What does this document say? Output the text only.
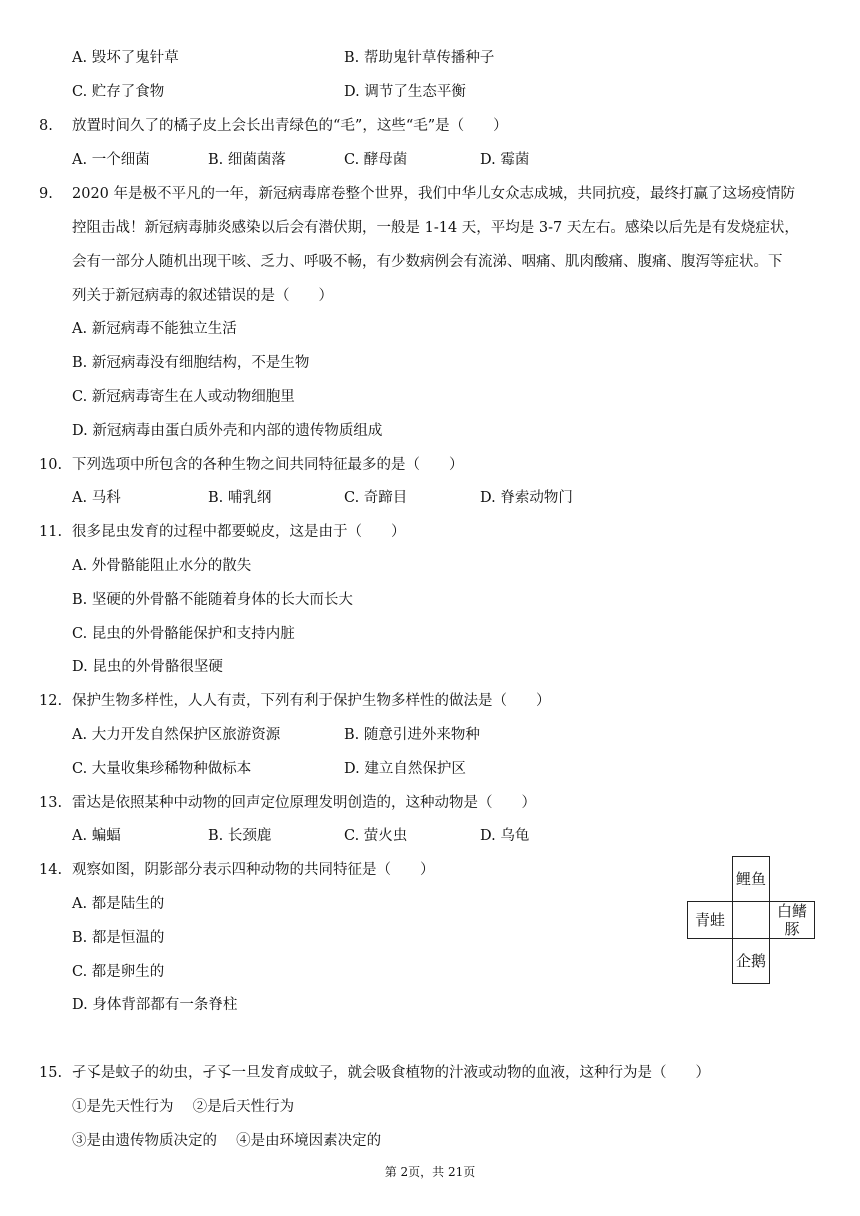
A. 毁坏了鬼针草	B. 帮助鬼针草传播种子
C. 贮存了食物	D. 调节了生态平衡
8. 放置时间久了的橘子皮上会长出青绿色的“毛”，这些“毛”是（　　）
A. 一个细菌	B. 细菌菌落	C. 酵母菌	D. 霉菌
9. 2020 年是极不平凡的一年，新冠病毒席卷整个世界，我们中华儿女众志成城，共同抗疫，最终打赢了这场疫情防
控阻击战！新冠病毒肺炎感染以后会有潜伏期，一般是 1-14 天，平均是 3-7 天左右。感染以后先是有发烧症状，
会有一部分人随机出现干咳、乏力、呼吸不畅，有少数病例会有流涕、咽痛、肌肉酸痛、腹痛、腹泻等症状。下
列关于新冠病毒的叙述错误的是（　　）
A. 新冠病毒不能独立生活
B. 新冠病毒没有细胞结构，不是生物
C. 新冠病毒寄生在人或动物细胞里
D. 新冠病毒由蛋白质外壳和内部的遗传物质组成
10. 下列选项中所包含的各种生物之间共同特征最多的是（　　）
A. 马科	B. 哺乳纲	C. 奇蹄目	D. 脊索动物门
11. 很多昆虫发育的过程中都要蜕皮，这是由于（　　）
A. 外骨骼能阻止水分的散失
B. 坚硬的外骨骼不能随着身体的长大而长大
C. 昆虫的外骨骼能保护和支持内脏
D. 昆虫的外骨骼很坚硬
12. 保护生物多样性，人人有责，下列有利于保护生物多样性的做法是（　　）
A. 大力开发自然保护区旅游资源	B. 随意引进外来物种
C. 大量收集珍稀物种做标本	D. 建立自然保护区
13. 雷达是依照某种中动物的回声定位原理发明创造的，这种动物是（　　）
A. 蝙蝠	B. 长颈鹿	C. 萤火虫	D. 乌龟
14. 观察如图，阴影部分表示四种动物的共同特征是（　　）
A. 都是陆生的
B. 都是恒温的
C. 都是卵生的
D. 身体背部都有一条脊柱
15. 孑孓是蚊子的幼虫，孑孓一旦发育成蚊子，就会吸食植物的汁液或动物的血液，这种行为是（　　）
①是先天性行为　 ②是后天性行为
③是由遗传物质决定的　 ④是由环境因素决定的
鲤鱼
青蛙	白鳍豚
企鹅
第 2页，共 21页
